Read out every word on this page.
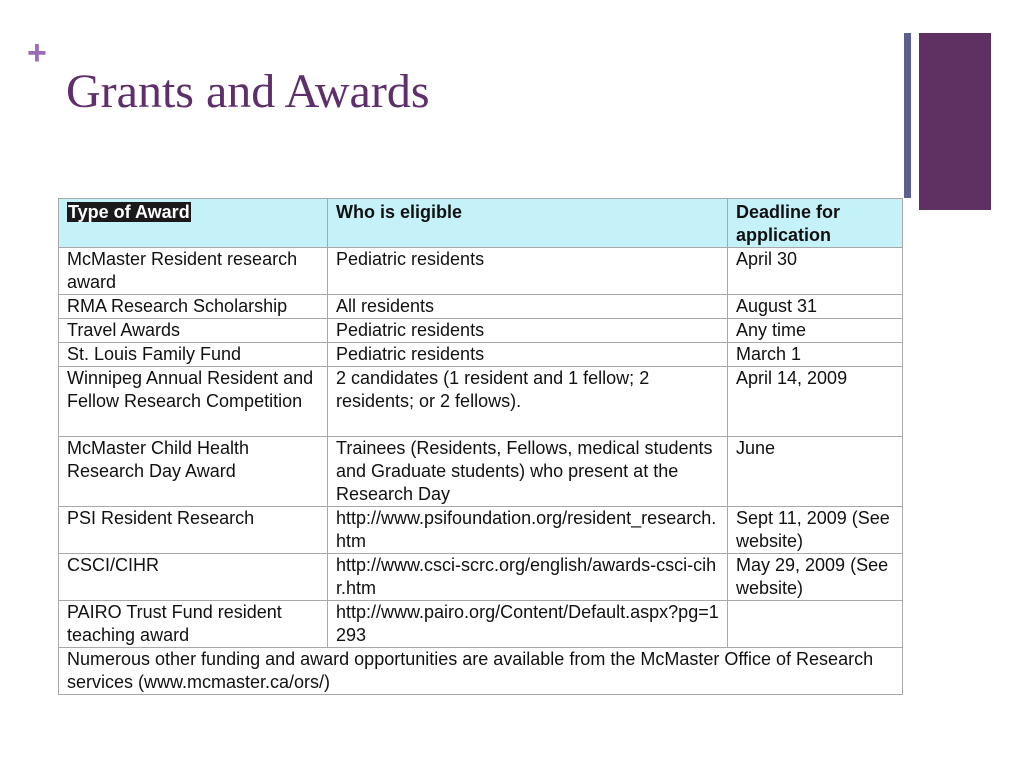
+
Grants and Awards
Type of Award	Who is eligible	Deadline for application
McMaster Resident research award	Pediatric residents	April 30
RMA Research Scholarship	All residents	August 31
Travel Awards	Pediatric residents	Any time
St. Louis Family Fund	Pediatric residents	March 1
Winnipeg Annual Resident and Fellow Research Competition	2 candidates (1 resident and 1 fellow; 2 residents; or 2 fellows).	April 14, 2009
McMaster Child Health Research Day Award	Trainees (Residents, Fellows, medical students and Graduate students) who present at the Research Day	June
PSI Resident Research	http://www.psifoundation.org/resident_research.htm	Sept 11, 2009 (See website)
CSCI/CIHR	http://www.csci-scrc.org/english/awards-csci-cihr.htm	May 29, 2009 (See website)
PAIRO Trust Fund resident teaching award	http://www.pairo.org/Content/Default.aspx?pg=1293	
Numerous other funding and award opportunities are available from the McMaster Office of Research services (www.mcmaster.ca/ors/)		
